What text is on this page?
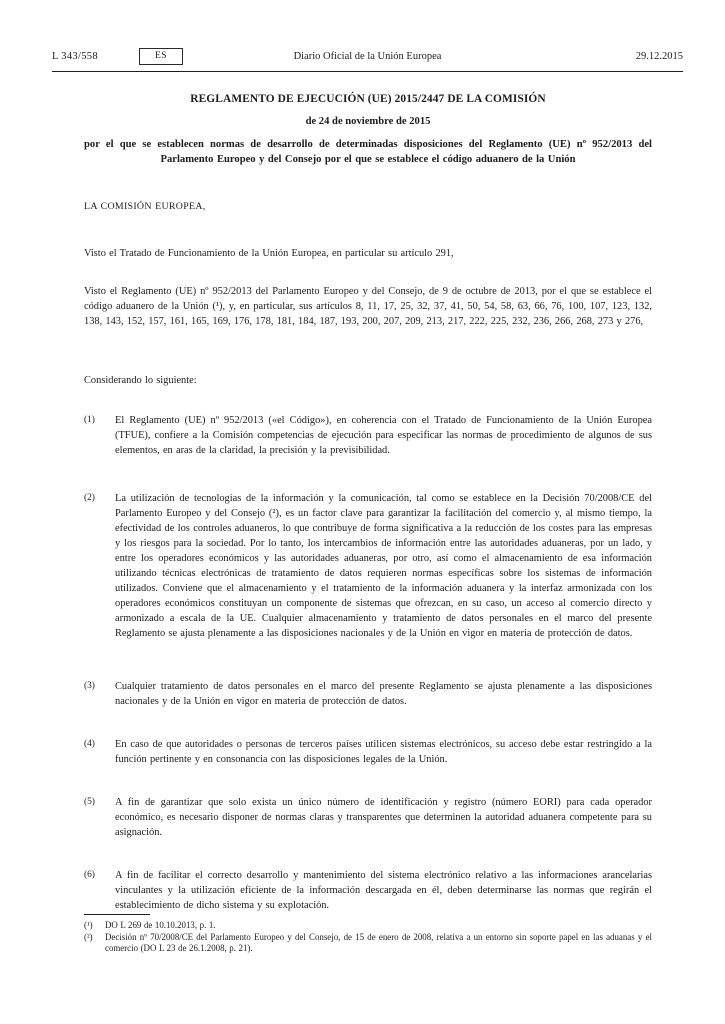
L 343/558	ES	Diario Oficial de la Unión Europea	29.12.2015
REGLAMENTO DE EJECUCIÓN (UE) 2015/2447 DE LA COMISIÓN
de 24 de noviembre de 2015
por el que se establecen normas de desarrollo de determinadas disposiciones del Reglamento (UE) nº 952/2013 del Parlamento Europeo y del Consejo por el que se establece el código aduanero de la Unión
LA COMISIÓN EUROPEA,
Visto el Tratado de Funcionamiento de la Unión Europea, en particular su artículo 291,
Visto el Reglamento (UE) nº 952/2013 del Parlamento Europeo y del Consejo, de 9 de octubre de 2013, por el que se establece el código aduanero de la Unión (¹), y, en particular, sus artículos 8, 11, 17, 25, 32, 37, 41, 50, 54, 58, 63, 66, 76, 100, 107, 123, 132, 138, 143, 152, 157, 161, 165, 169, 176, 178, 181, 184, 187, 193, 200, 207, 209, 213, 217, 222, 225, 232, 236, 266, 268, 273 y 276,
Considerando lo siguiente:
(1)	El Reglamento (UE) nº 952/2013 («el Código»), en coherencia con el Tratado de Funcionamiento de la Unión Europea (TFUE), confiere a la Comisión competencias de ejecución para especificar las normas de procedimiento de algunos de sus elementos, en aras de la claridad, la precisión y la previsibilidad.
(2)	La utilización de tecnologías de la información y la comunicación, tal como se establece en la Decisión 70/2008/CE del Parlamento Europeo y del Consejo (²), es un factor clave para garantizar la facilitación del comercio y, al mismo tiempo, la efectividad de los controles aduaneros, lo que contribuye de forma significativa a la reducción de los costes para las empresas y los riesgos para la sociedad. Por lo tanto, los intercambios de información entre las autoridades aduaneras, por un lado, y entre los operadores económicos y las autoridades aduaneras, por otro, así como el almacenamiento de esa información utilizando técnicas electrónicas de tratamiento de datos requieren normas específicas sobre los sistemas de información utilizados. Conviene que el almacenamiento y el tratamiento de la información aduanera y la interfaz armonizada con los operadores económicos constituyan un componente de sistemas que ofrezcan, en su caso, un acceso al comercio directo y armonizado a escala de la UE. Cualquier almacenamiento y tratamiento de datos personales en el marco del presente Reglamento se ajusta plenamente a las disposiciones nacionales y de la Unión en vigor en materia de protección de datos.
(3)	Cualquier tratamiento de datos personales en el marco del presente Reglamento se ajusta plenamente a las disposiciones nacionales y de la Unión en vigor en materia de protección de datos.
(4)	En caso de que autoridades o personas de terceros países utilicen sistemas electrónicos, su acceso debe estar restringido a la función pertinente y en consonancia con las disposiciones legales de la Unión.
(5)	A fin de garantizar que solo exista un único número de identificación y registro (número EORI) para cada operador económico, es necesario disponer de normas claras y transparentes que determinen la autoridad aduanera competente para su asignación.
(6)	A fin de facilitar el correcto desarrollo y mantenimiento del sistema electrónico relativo a las informaciones arancelarias vinculantes y la utilización eficiente de la información descargada en él, deben determinarse las normas que regirán el establecimiento de dicho sistema y su explotación.
(¹) DO L 269 de 10.10.2013, p. 1.
(²) Decisión nº 70/2008/CE del Parlamento Europeo y del Consejo, de 15 de enero de 2008, relativa a un entorno sin soporte papel en las aduanas y el comercio (DO L 23 de 26.1.2008, p. 21).
